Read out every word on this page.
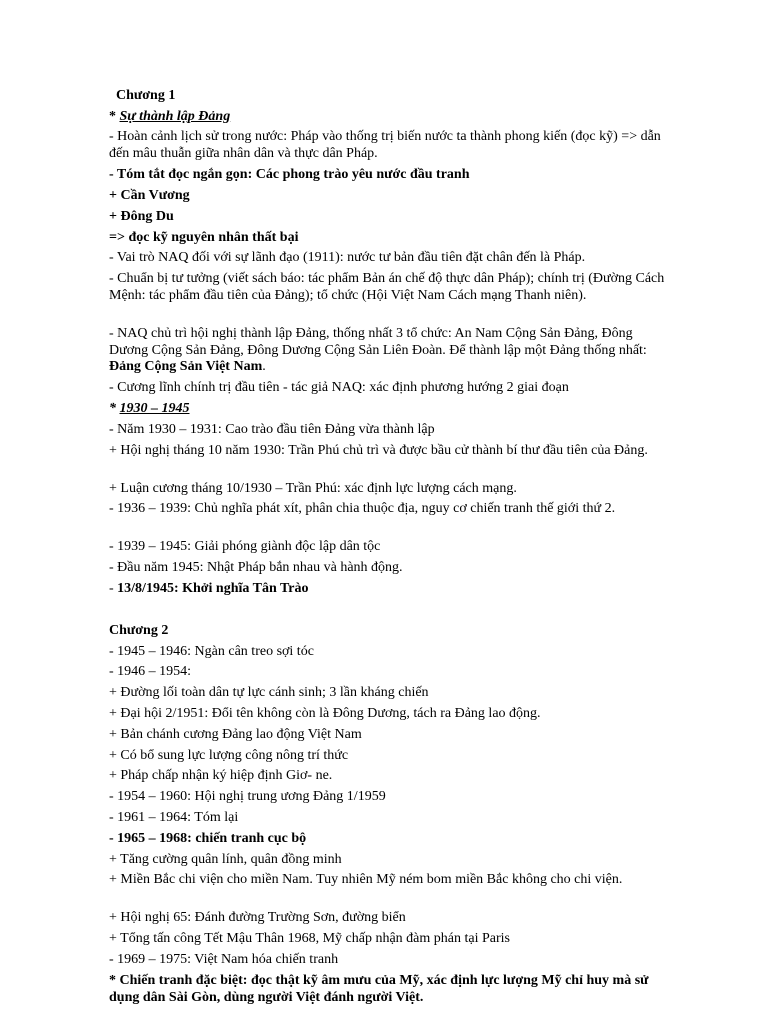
Chương 1
* Sự thành lập Đảng
- Hoàn cảnh lịch sử trong nước: Pháp vào thống trị biến nước ta thành phong kiến (đọc kỹ) => dẫn đến mâu thuẫn giữa nhân dân và thực dân Pháp.
- Tóm tắt đọc ngắn gọn: Các phong trào yêu nước đầu tranh
+ Cần Vương
+ Đông Du
=> đọc kỹ nguyên nhân thất bại
- Vai trò NAQ đối với sự lãnh đạo (1911): nước tư bản đầu tiên đặt chân đến là Pháp.
- Chuẩn bị tư tưởng (viết sách báo: tác phẩm Bản án chế độ thực dân Pháp); chính trị (Đường Cách Mệnh: tác phẩm đầu tiên của Đảng); tổ chức (Hội Việt Nam Cách mạng Thanh niên).
- NAQ chủ trì hội nghị thành lập Đảng, thống nhất 3 tổ chức: An Nam Cộng Sản Đảng, Đông Dương Cộng Sản Đảng, Đông Dương Cộng Sản Liên Đoàn. Để thành lập một Đảng thống nhất: Đảng Cộng Sản Việt Nam.
- Cương lĩnh chính trị đầu tiên - tác giả NAQ: xác định phương hướng 2 giai đoạn
* 1930 – 1945
- Năm 1930 – 1931: Cao trào đầu tiên Đảng vừa thành lập
+ Hội nghị tháng 10 năm 1930: Trần Phú chủ trì và được bầu cử thành bí thư đầu tiên của Đảng.
+ Luận cương tháng 10/1930 – Trần Phú: xác định lực lượng cách mạng.
- 1936 – 1939: Chủ nghĩa phát xít, phân chia thuộc địa, nguy cơ chiến tranh thế giới thứ 2.
- 1939 – 1945: Giải phóng giành độc lập dân tộc
- Đầu năm 1945: Nhật Pháp bắn nhau và hành động.
- 13/8/1945: Khởi nghĩa Tân Trào
Chương 2
- 1945 – 1946: Ngàn cân treo sợi tóc
- 1946 – 1954:
+ Đường lối toàn dân tự lực cánh sinh; 3 lần kháng chiến
+ Đại hội 2/1951: Đổi tên không còn là Đông Dương, tách ra Đảng lao động.
+ Bản chánh cương Đảng lao động Việt Nam
+ Có bổ sung lực lượng công nông trí thức
+ Pháp chấp nhận ký hiệp định Giơ- ne.
- 1954 – 1960: Hội nghị trung ương Đảng 1/1959
- 1961 – 1964: Tóm lại
- 1965 – 1968: chiến tranh cục bộ
+ Tăng cường quân lính, quân đồng minh
+ Miền Bắc chi viện cho miền Nam. Tuy nhiên Mỹ ném bom miền Bắc không cho chi viện.
+ Hội nghị 65: Đánh đường Trường Sơn, đường biển
+ Tổng tấn công Tết Mậu Thân 1968, Mỹ chấp nhận đàm phán tại Paris
- 1969 – 1975: Việt Nam hóa chiến tranh
* Chiến tranh đặc biệt: đọc thật kỹ âm mưu của Mỹ, xác định lực lượng Mỹ chỉ huy mà sử dụng dân Sài Gòn, dùng người Việt đánh người Việt.
